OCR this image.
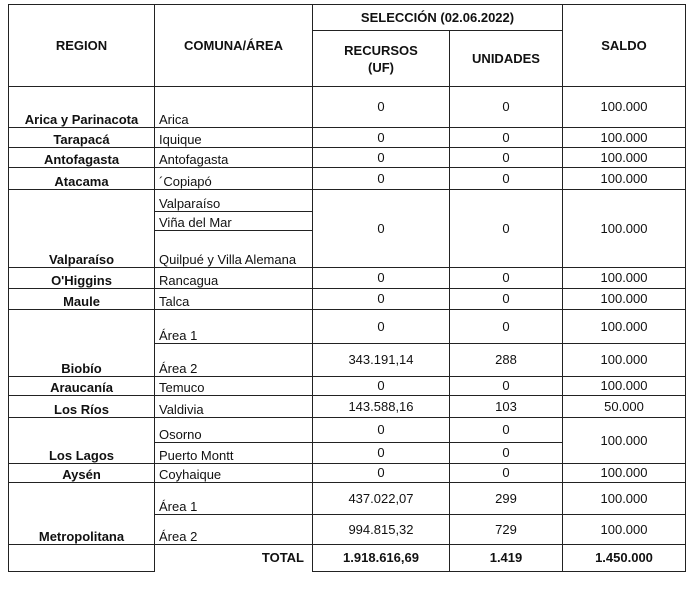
REGION	COMUNA/ÁREA	SELECCIÓN (02.06.2022)		SALDO
		RECURSOS (UF)	UNIDADES	
Arica y Parinacota	Arica	0	0	100.000
Tarapacá	Iquique	0	0	100.000
Antofagasta	Antofagasta	0	0	100.000
Atacama	´Copiapó	0	0	100.000
Valparaíso	Valparaíso	0	0	100.000
	Viña del Mar			
	Quilpué y Villa Alemana			
O'Higgins	Rancagua	0	0	100.000
Maule	Talca	0	0	100.000
Biobío	Área 1	0	0	100.000
	Área 2	343.191,14	288	100.000
Araucanía	Temuco	0	0	100.000
Los Ríos	Valdivia	143.588,16	103	50.000
Los Lagos	Osorno	0	0	100.000
	Puerto Montt	0	0	
Aysén	Coyhaique	0	0	100.000
Metropolitana	Área 1	437.022,07	299	100.000
	Área 2	994.815,32	729	100.000
	TOTAL	1.918.616,69	1.419	1.450.000
